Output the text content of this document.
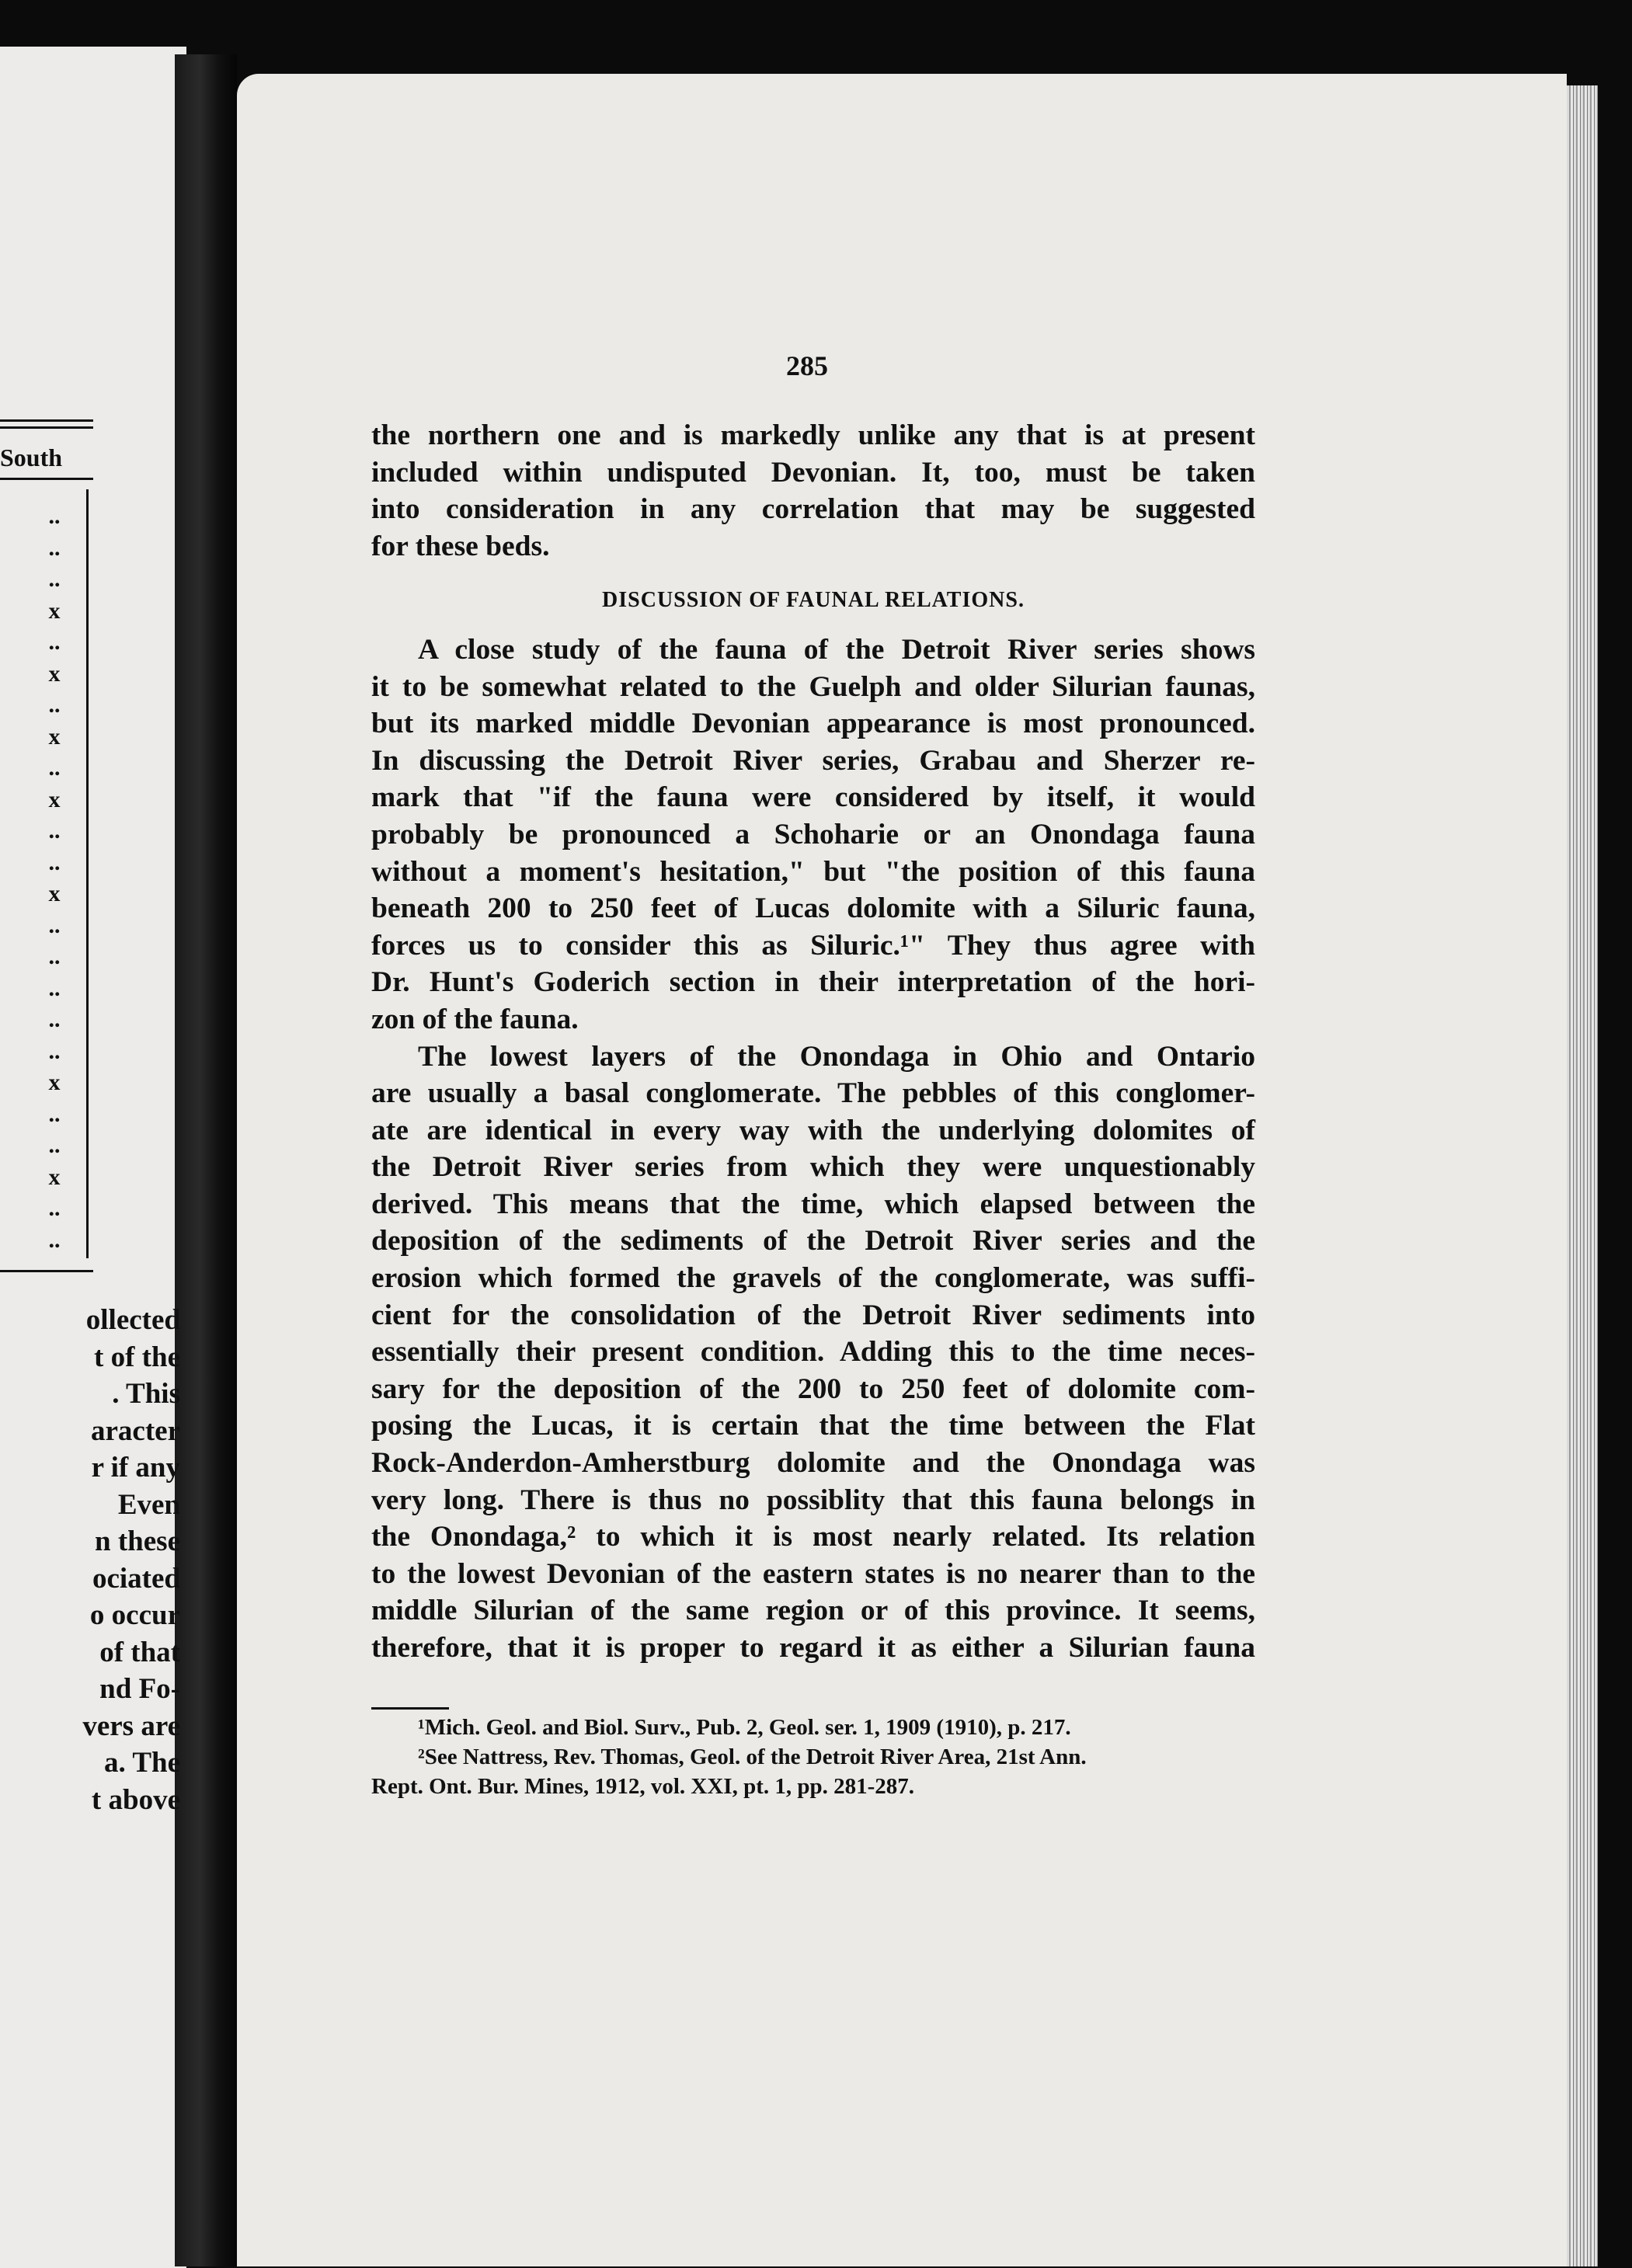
South
..
..
..
x
..
x
..
x
..
x
..
..
x
..
..
..
..
..
x
..
..
x
..
..
ollected
t of the
. This
aracter
r if any
Even
n these
ociated
o occur
of that
nd Fo-
vers are
a. The
t above
285
the northern one and is markedly unlike any that is at present
included within undisputed Devonian. It, too, must be taken
into consideration in any correlation that may be suggested
for these beds.
DISCUSSION OF FAUNAL RELATIONS.
A close study of the fauna of the Detroit River series shows
it to be somewhat related to the Guelph and older Silurian faunas,
but its marked middle Devonian appearance is most pronounced.
In discussing the Detroit River series, Grabau and Sherzer re-
mark that "if the fauna were considered by itself, it would
probably be pronounced a Schoharie or an Onondaga fauna
without a moment's hesitation," but "the position of this fauna
beneath 200 to 250 feet of Lucas dolomite with a Siluric fauna,
forces us to consider this as Siluric.¹" They thus agree with
Dr. Hunt's Goderich section in their interpretation of the hori-
zon of the fauna.
The lowest layers of the Onondaga in Ohio and Ontario
are usually a basal conglomerate. The pebbles of this conglomer-
ate are identical in every way with the underlying dolomites of
the Detroit River series from which they were unquestionably
derived. This means that the time, which elapsed between the
deposition of the sediments of the Detroit River series and the
erosion which formed the gravels of the conglomerate, was suffi-
cient for the consolidation of the Detroit River sediments into
essentially their present condition. Adding this to the time neces-
sary for the deposition of the 200 to 250 feet of dolomite com-
posing the Lucas, it is certain that the time between the Flat
Rock-Anderdon-Amherstburg dolomite and the Onondaga was
very long. There is thus no possiblity that this fauna belongs in
the Onondaga,² to which it is most nearly related. Its relation
to the lowest Devonian of the eastern states is no nearer than to the
middle Silurian of the same region or of this province. It seems,
therefore, that it is proper to regard it as either a Silurian fauna
¹Mich. Geol. and Biol. Surv., Pub. 2, Geol. ser. 1, 1909 (1910), p. 217.
²See Nattress, Rev. Thomas, Geol. of the Detroit River Area, 21st Ann.
Rept. Ont. Bur. Mines, 1912, vol. XXI, pt. 1, pp. 281-287.
